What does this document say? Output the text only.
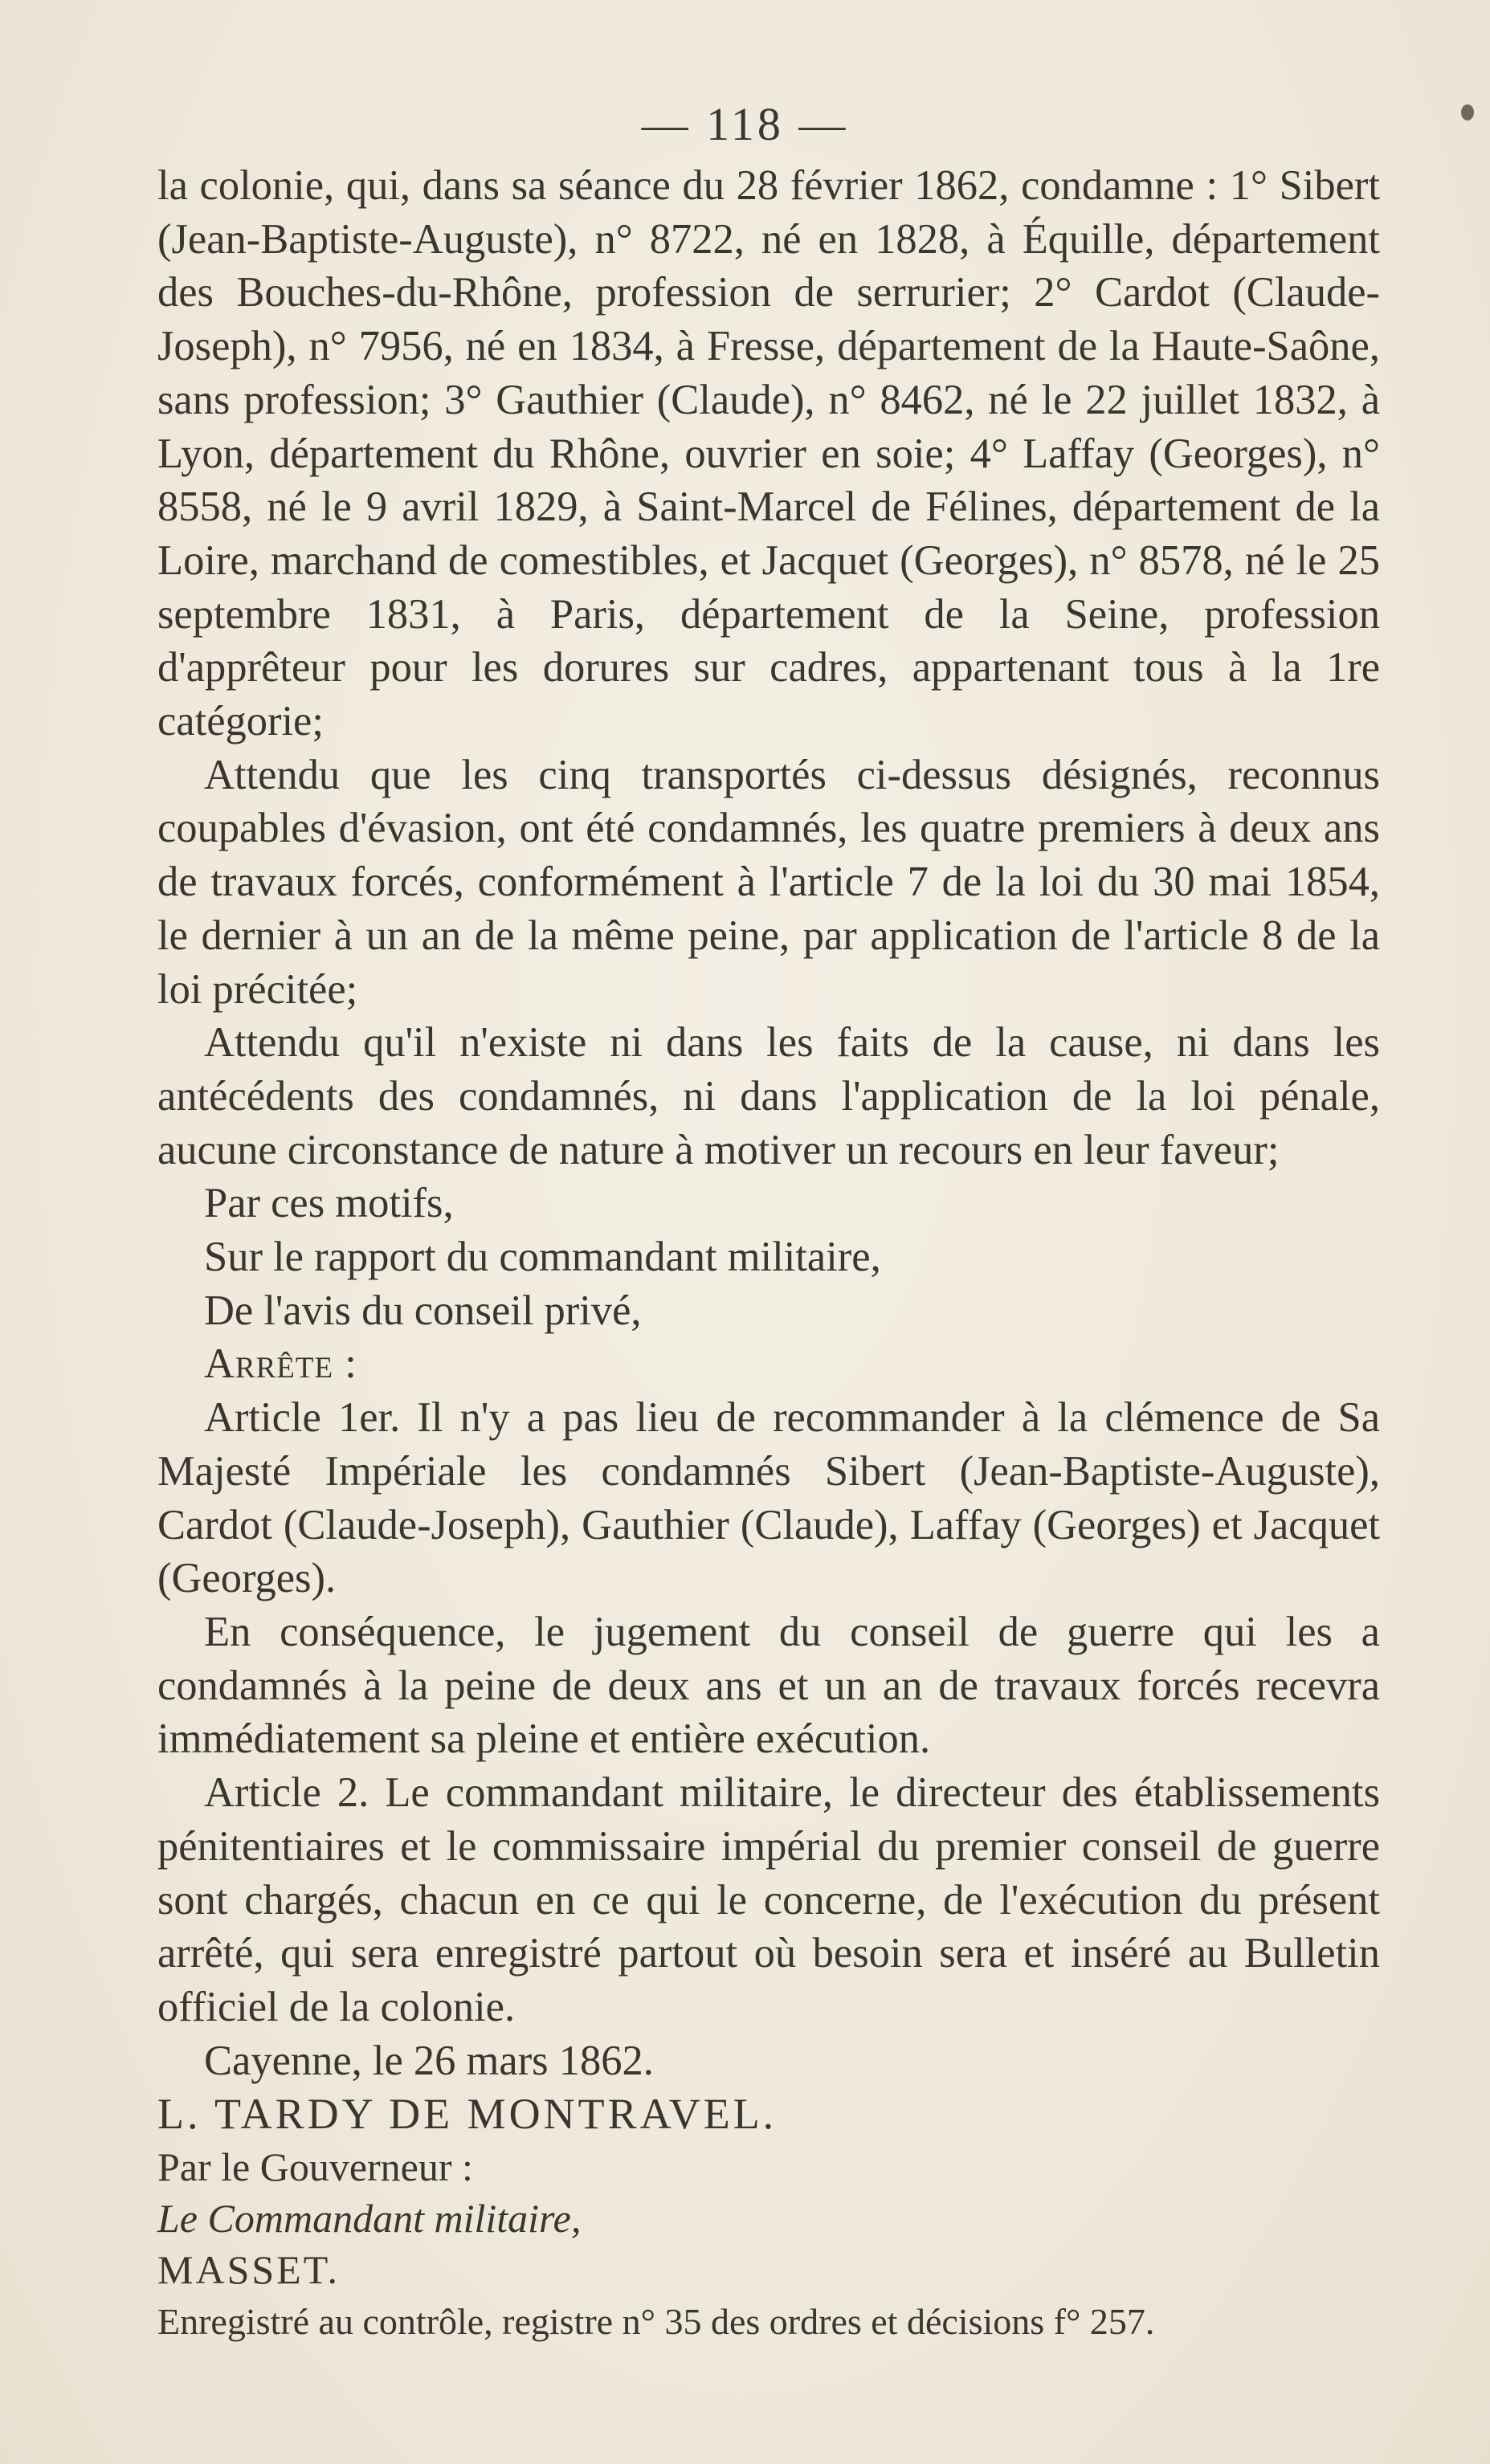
— 118 —

la colonie, qui, dans sa séance du 28 février 1862, condamne : 1° Sibert (Jean-Baptiste-Auguste), n° 8722, né en 1828, à Équille, département des Bouches-du-Rhône, profession de serrurier; 2° Cardot (Claude-Joseph), n° 7956, né en 1834, à Fresse, département de la Haute-Saône, sans profession; 3° Gauthier (Claude), n° 8462, né le 22 juillet 1832, à Lyon, département du Rhône, ouvrier en soie; 4° Laffay (Georges), n° 8558, né le 9 avril 1829, à Saint-Marcel de Félines, département de la Loire, marchand de comestibles, et Jacquet (Georges), n° 8578, né le 25 septembre 1831, à Paris, département de la Seine, profession d'apprêteur pour les dorures sur cadres, appartenant tous à la 1re catégorie;

Attendu que les cinq transportés ci-dessus désignés, reconnus coupables d'évasion, ont été condamnés, les quatre premiers à deux ans de travaux forcés, conformément à l'article 7 de la loi du 30 mai 1854, le dernier à un an de la même peine, par application de l'article 8 de la loi précitée;

Attendu qu'il n'existe ni dans les faits de la cause, ni dans les antécédents des condamnés, ni dans l'application de la loi pénale, aucune circonstance de nature à motiver un recours en leur faveur;

Par ces motifs,

Sur le rapport du commandant militaire,

De l'avis du conseil privé,

Arrête :

Article 1er. Il n'y a pas lieu de recommander à la clémence de Sa Majesté Impériale les condamnés Sibert (Jean-Baptiste-Auguste), Cardot (Claude-Joseph), Gauthier (Claude), Laffay (Georges) et Jacquet (Georges).

En conséquence, le jugement du conseil de guerre qui les a condamnés à la peine de deux ans et un an de travaux forcés recevra immédiatement sa pleine et entière exécution.

Article 2. Le commandant militaire, le directeur des établissements pénitentiaires et le commissaire impérial du premier conseil de guerre sont chargés, chacun en ce qui le concerne, de l'exécution du présent arrêté, qui sera enregistré partout où besoin sera et inséré au Bulletin officiel de la colonie.

Cayenne, le 26 mars 1862.

L. TARDY DE MONTRAVEL.

Par le Gouverneur :

Le Commandant militaire,

MASSET.

Enregistré au contrôle, registre n° 35 des ordres et décisions f° 257.
